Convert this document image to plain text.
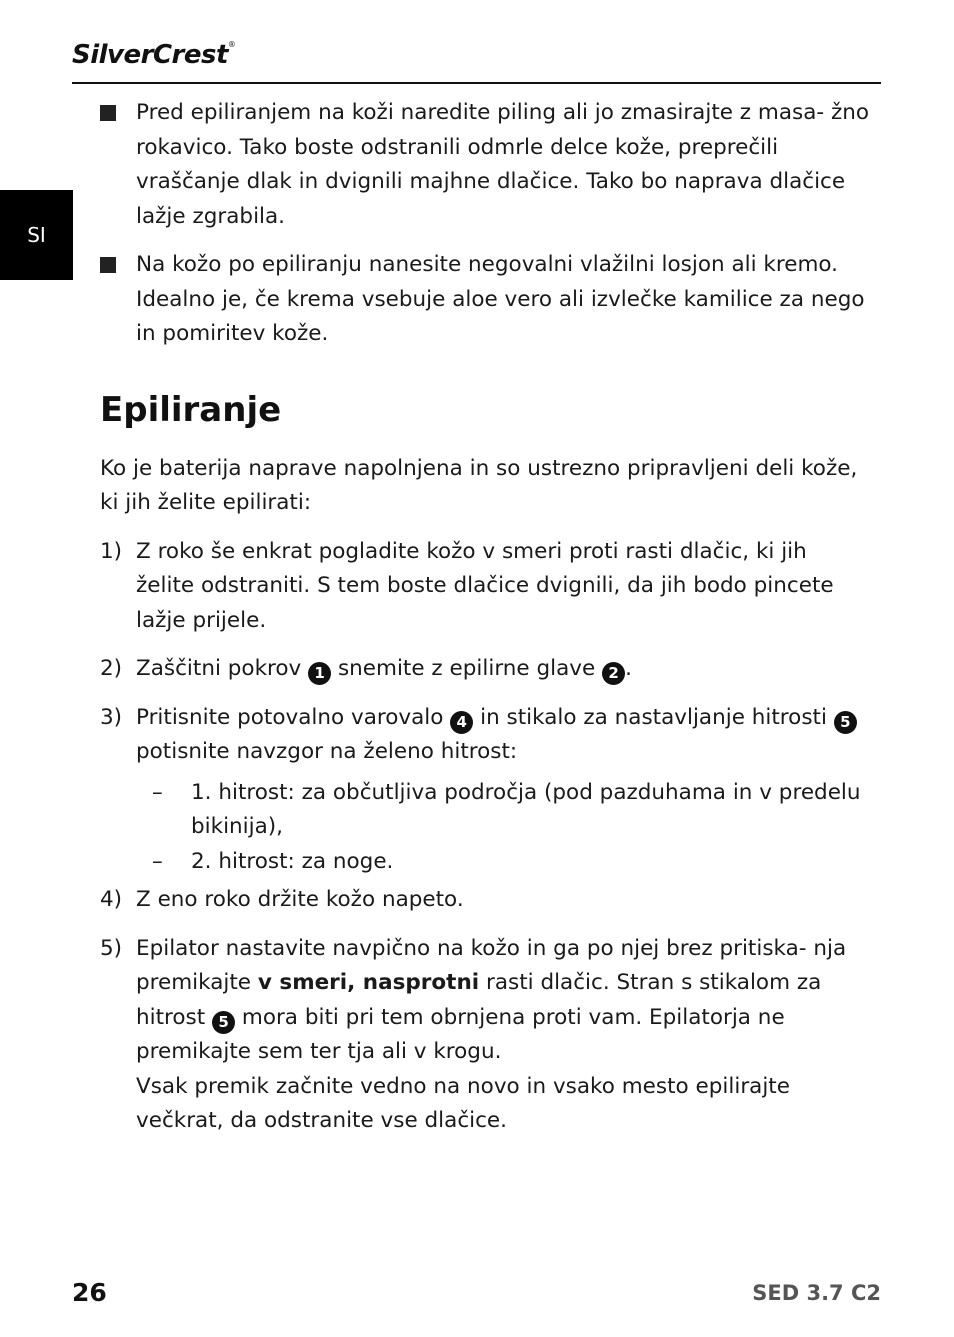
SilverCrest®
SI
Pred epiliranjem na koži naredite piling ali jo zmasirajte z masa- žno rokavico. Tako boste odstranili odmrle delce kože, preprečili vraščanje dlak in dvignili majhne dlačice. Tako bo naprava dlačice lažje zgrabila.
Na kožo po epiliranju nanesite negovalni vlažilni losjon ali kremo. Idealno je, če krema vsebuje aloe vero ali izvlečke kamilice za nego in pomiritev kože.
Epiliranje
Ko je baterija naprave napolnjena in so ustrezno pripravljeni deli kože, ki jih želite epilirati:
1) Z roko še enkrat pogladite kožo v smeri proti rasti dlačic, ki jih želite odstraniti. S tem boste dlačice dvignili, da jih bodo pincete lažje prijele.
2) Zaščitni pokrov 1 snemite z epilirne glave 2 .
3) Pritisnite potovalno varovalo 4 in stikalo za nastavljanje hitrosti 5 potisnite navzgor na želeno hitrost:
– 1. hitrost: za občutljiva področja (pod pazduhama in v predelu bikinija),
– 2. hitrost: za noge.
4) Z eno roko držite kožo napeto.
5) Epilator nastavite navpično na kožo in ga po njej brez pritiska- nja premikajte v smeri, nasprotni rasti dlačic. Stran s stikalom za hitrost 5 mora biti pri tem obrnjena proti vam. Epilatorja ne premikajte sem ter tja ali v krogu.
Vsak premik začnite vedno na novo in vsako mesto epilirajte večkrat, da odstranite vse dlačice.
26	SED 3.7 C2
